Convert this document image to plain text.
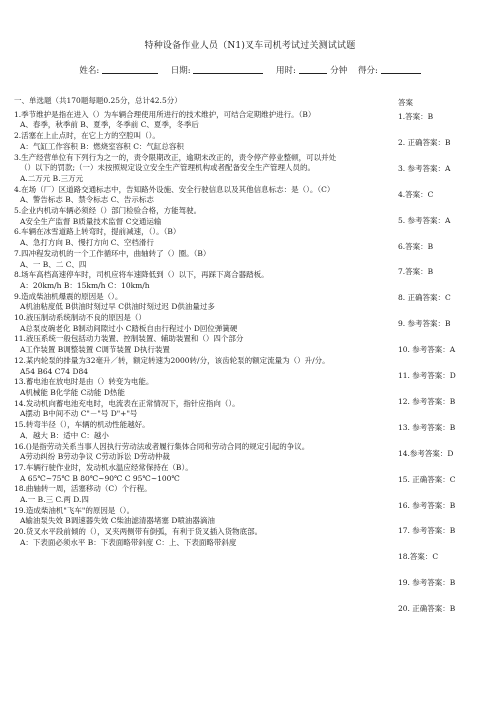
特种设备作业人员（N1)叉车司机考试过关测试试题
姓名:	日期:	用时:	分钟 得分:
一、单选题（共170题每题0.25分，总计42.5分）
1.季节维护是指在进入（）为车辆合理使用所进行的技术维护，可结合定期维护进行。（B）
A、春季，秋季前 B、夏季，冬季前 C、夏季，冬季后
2.活塞在上止点时，在它上方的空腔叫（）。
A：气缸工作容积 B：燃烧室容积 C：气缸总容积
3.生产经营单位有下列行为之一的，责令限期改正，逾期未改正的，责令停产停业整顿，可以并处
（）以下的罚款;（一）未按照规定设立安全生产管理机构或者配备安全生产管理人员的。
A.二万元 B.三万元
4.在场（厂）区道路交通标志中，告知路外设施、安全行驶信息以及其他信息标志：是（）。（C）
A、警告标志 B、禁令标志 C、告示标志
5.企业内机动车辆必须经（）部门检验合格，方能驾驶。
A安全生产监督 B质量技术监督 C交通运输
6.车辆在冰雪道路上转弯时，提前减速，（）。（B）
A、急打方向 B、慢打方向 C、空档滑行
7.四冲程发动机的一个工作循环中，曲轴转了（）圈。（B）
A、一 B、二 C、四
8.场车高档高速停车时，司机应将车速降低到（）以下，再踩下离合器踏板。
A：20km/h B：15km/h C：10km/h
9.造成柴油机爆震的原因是（）。
A机油粘度低 B供油时刻过早 C供油时刻过迟 D供油量过多
10.液压制动系统制动不良的原因是（）
A总泵皮碗老化 B制动间隙过小 C踏板自由行程过小 D回位弹簧硬
11.液压系统一般包括动力装置、控制装置、辅助装置和（）四个部分
A工作装置 B调整装置 C调节装置 D执行装置
12.某内轮泵的排量为32毫升／转，额定转速为2000转/分，该齿轮泵的额定流量为（）升/分。
A54 B64 C74 D84
13.蓄电池在放电时是由（）转变为电能。
A机械能 B化学能 C动能 D热能
14.发动机向蓄电池充电时，电流表在正常情况下，指针应指向（）。
A摆动 B中间不动 C"－"号 D"+"号
15.转弯半径（），车辆的机动性能越好。
A．越大 B：适中 C：越小
16.()是指劳动关系当事人因执行劳动法或者履行集体合同和劳动合同的规定引起的争议。
A劳动纠纷 B劳动争议 C劳动诉讼 D劳动仲裁
17.车辆行驶作业时，发动机水温应经常保持在（B）。
A 65℃~75℃ B 80℃~90℃ C 95℃~100℃
18.曲轴转一周，活塞移动（C）个行程。
A.一 B.三 C.两 D.四
19.造成柴油机"飞车"的原因是（）。
A输油泵失效 B调速器失效 C柴油滤清器堵塞 D喷油器滴油
20.货叉水平段前倾的（），叉夹两侧带有倒弧，有利于货叉插入货物底部。
A：下表面必须水平 B：下表面略带斜度 C：上、下表面略带斜度
答案
1.答案：B
2. 正确答案：B
3. 参考答案：A
4.答案：C
5. 参考答案：A
6.答案：B
7.答案：B
8. 正确答案：C
9. 参考答案：B
10. 参考答案：A
11. 参考答案：D
12. 参考答案：B
13. 参考答案：B
14.参考答案：D
15. 正确答案：C
16. 参考答案：B
17. 参考答案：B
18.答案：C
19. 参考答案：B
20. 正确答案：B
